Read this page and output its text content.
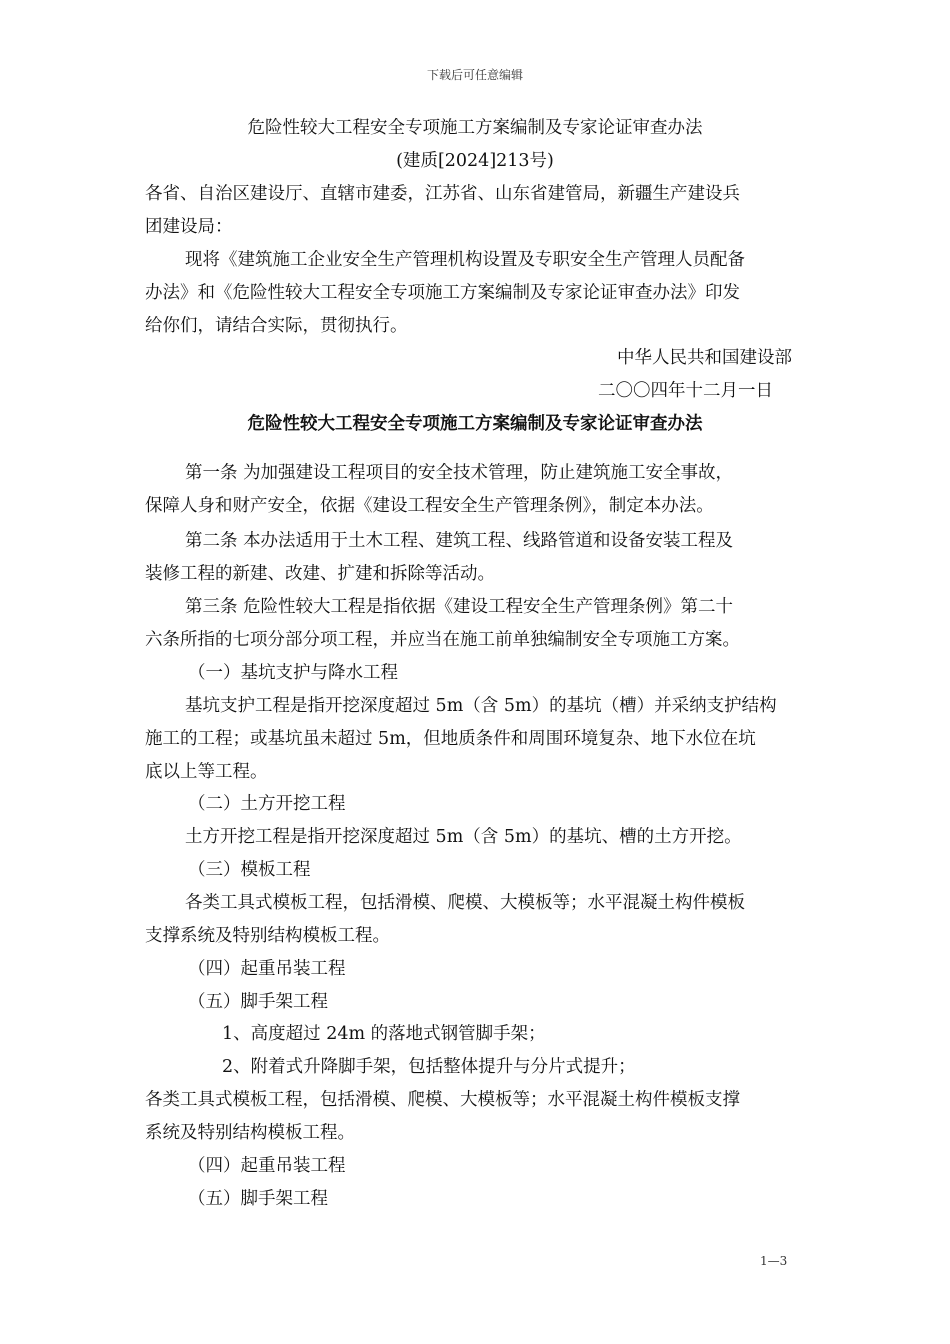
下载后可任意编辑
危险性较大工程安全专项施工方案编制及专家论证审查办法
(建质[2024]213号)
各省、自治区建设厅、直辖市建委，江苏省、山东省建管局，新疆生产建设兵
团建设局：
现将《建筑施工企业安全生产管理机构设置及专职安全生产管理人员配备
办法》和《危险性较大工程安全专项施工方案编制及专家论证审查办法》印发
给你们，请结合实际，贯彻执行。
中华人民共和国建设部
二〇〇四年十二月一日
危险性较大工程安全专项施工方案编制及专家论证审查办法
第一条 为加强建设工程项目的安全技术管理，防止建筑施工安全事故，
保障人身和财产安全，依据《建设工程安全生产管理条例》，制定本办法。
第二条 本办法适用于土木工程、建筑工程、线路管道和设备安装工程及
装修工程的新建、改建、扩建和拆除等活动。
第三条 危险性较大工程是指依据《建设工程安全生产管理条例》第二十
六条所指的七项分部分项工程，并应当在施工前单独编制安全专项施工方案。
（一）基坑支护与降水工程
基坑支护工程是指开挖深度超过 5m（含 5m）的基坑（槽）并采纳支护结构
施工的工程；或基坑虽未超过 5m，但地质条件和周围环境复杂、地下水位在坑
底以上等工程。
（二）土方开挖工程
土方开挖工程是指开挖深度超过 5m（含 5m）的基坑、槽的土方开挖。
（三）模板工程
各类工具式模板工程，包括滑模、爬模、大模板等；水平混凝土构件模板
支撑系统及特别结构模板工程。
（四）起重吊装工程
（五）脚手架工程
1、高度超过 24m 的落地式钢管脚手架；
2、附着式升降脚手架，包括整体提升与分片式提升；
各类工具式模板工程，包括滑模、爬模、大模板等；水平混凝土构件模板支撑
系统及特别结构模板工程。
（四）起重吊装工程
（五）脚手架工程
1—3
